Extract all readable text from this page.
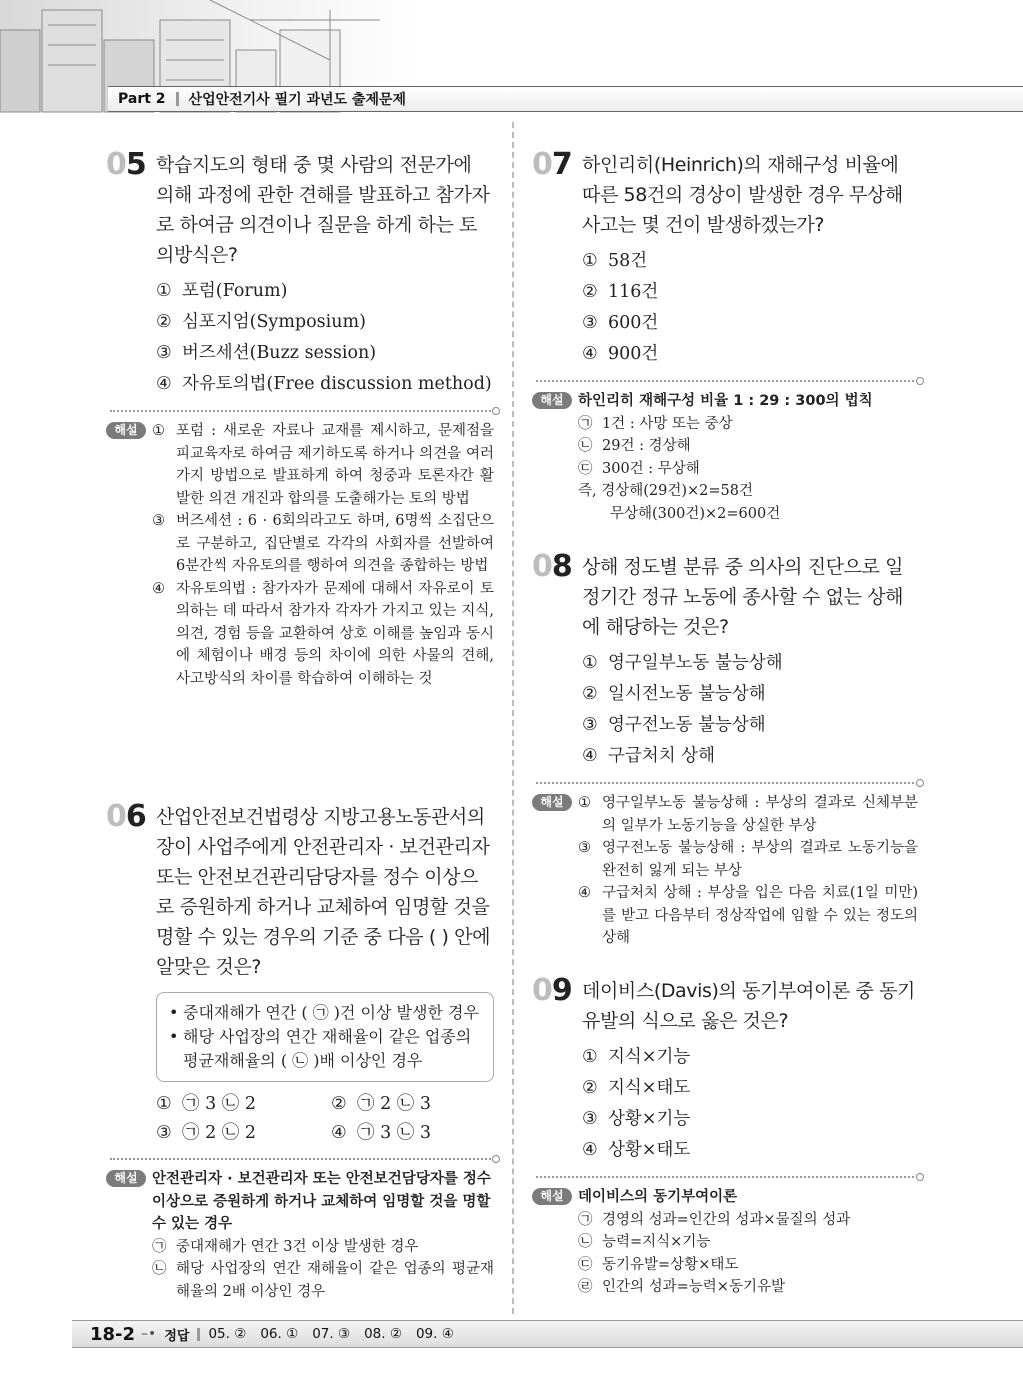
Part 2 산업안전기사 필기 과년도 출제문제
05 학습지도의 형태 중 몇 사람의 전문가에 의해 과정에 관한 견해를 발표하고 참가자로 하여금 의견이나 질문을 하게 하는 토의방식은?
① 포럼(Forum)
② 심포지엄(Symposium)
③ 버즈세션(Buzz session)
④ 자유토의법(Free discussion method)
해설 ① 포럼 : 새로운 자료나 교재를 제시하고, 문제점을 피교육자로 하여금 제기하도록 하거나 의견을 여러 가지 방법으로 발표하게 하여 청중과 토론자간 활발한 의견 개진과 합의를 도출해가는 토의 방법
③ 버즈세션 : 6 · 6회의라고도 하며, 6명씩 소집단으로 구분하고, 집단별로 각각의 사회자를 선발하여 6분간씩 자유토의를 행하여 의견을 종합하는 방법
④ 자유토의법 : 참가자가 문제에 대해서 자유로이 토의하는 데 따라서 참가자 각자가 가지고 있는 지식, 의견, 경험 등을 교환하여 상호 이해를 높임과 동시에 체험이나 배경 등의 차이에 의한 사물의 견해, 사고방식의 차이를 학습하여 이해하는 것
06 산업안전보건법령상 지방고용노동관서의 장이 사업주에게 안전관리자 · 보건관리자 또는 안전보건관리담당자를 정수 이상으로 증원하게 하거나 교체하여 임명할 것을 명할 수 있는 경우의 기준 중 다음 ( ) 안에 알맞은 것은?
• 중대재해가 연간 ( ㉠ )건 이상 발생한 경우
• 해당 사업장의 연간 재해율이 같은 업종의 평균재해율의 ( ㉡ )배 이상인 경우
① ㉠ 3 ㉡ 2	② ㉠ 2 ㉡ 3
③ ㉠ 2 ㉡ 2	④ ㉠ 3 ㉡ 3
해설 안전관리자 · 보건관리자 또는 안전보건담당자를 정수 이상으로 증원하게 하거나 교체하여 임명할 것을 명할 수 있는 경우
㉠ 중대재해가 연간 3건 이상 발생한 경우
㉡ 해당 사업장의 연간 재해율이 같은 업종의 평균재해율의 2배 이상인 경우
07 하인리히(Heinrich)의 재해구성 비율에 따른 58건의 경상이 발생한 경우 무상해 사고는 몇 건이 발생하겠는가?
① 58건
② 116건
③ 600건
④ 900건
해설 하인리히 재해구성 비율 1 : 29 : 300의 법칙
㉠ 1건 : 사망 또는 중상
㉡ 29건 : 경상해
㉢ 300건 : 무상해
즉, 경상해(29건)×2=58건
무상해(300건)×2=600건
08 상해 정도별 분류 중 의사의 진단으로 일정기간 정규 노동에 종사할 수 없는 상해에 해당하는 것은?
① 영구일부노동 불능상해
② 일시전노동 불능상해
③ 영구전노동 불능상해
④ 구급처치 상해
해설 ① 영구일부노동 불능상해 : 부상의 결과로 신체부분의 일부가 노동기능을 상실한 부상
③ 영구전노동 불능상해 : 부상의 결과로 노동기능을 완전히 잃게 되는 부상
④ 구급처치 상해 : 부상을 입은 다음 치료(1일 미만)를 받고 다음부터 정상작업에 임할 수 있는 정도의 상해
09 데이비스(Davis)의 동기부여이론 중 동기유발의 식으로 옳은 것은?
① 지식×기능
② 지식×태도
③ 상황×기능
④ 상황×태도
해설 데이비스의 동기부여이론
㉠ 경영의 성과=인간의 성과×물질의 성과
㉡ 능력=지식×기능
㉢ 동기유발=상황×태도
㉣ 인간의 성과=능력×동기유발
18-2 –• 정답 05. ② 06. ① 07. ③ 08. ② 09. ④
